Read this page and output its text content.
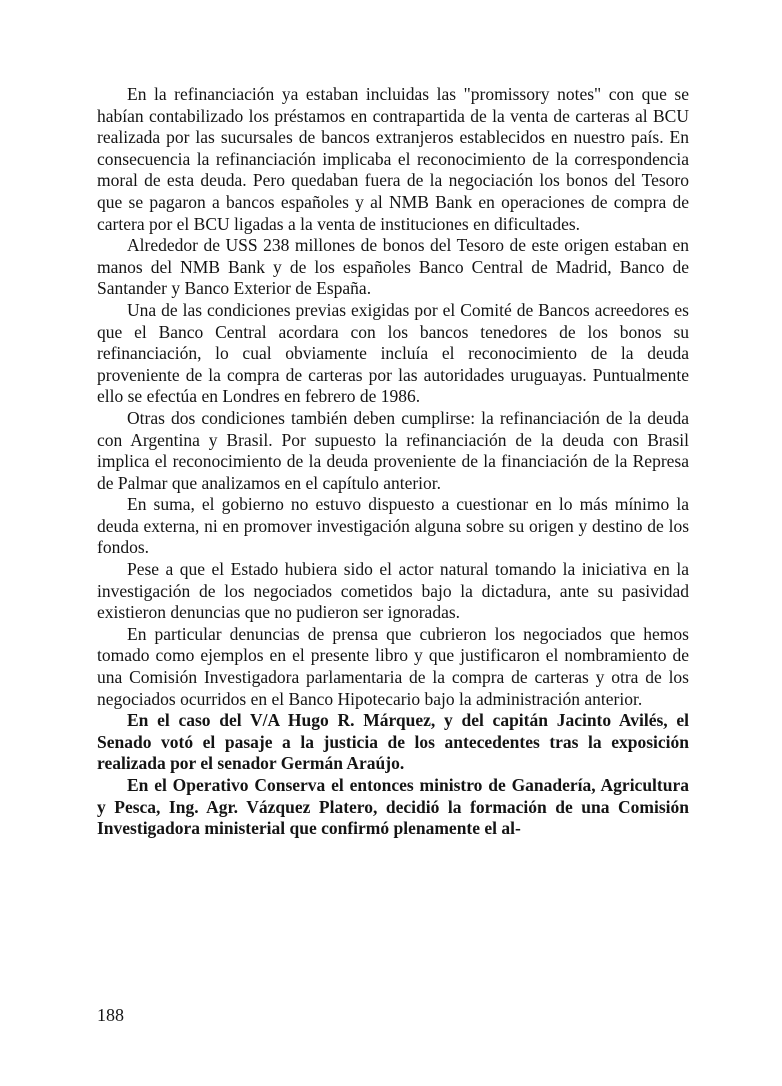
En la refinanciación ya estaban incluidas las "promissory notes" con que se habían contabilizado los préstamos en contrapartida de la venta de carteras al BCU realizada por las sucursales de bancos extranjeros establecidos en nuestro país. En consecuencia la refinanciación implicaba el reconocimiento de la correspondencia moral de esta deuda. Pero quedaban fuera de la negociación los bonos del Tesoro que se pagaron a bancos españoles y al NMB Bank en operaciones de compra de cartera por el BCU ligadas a la venta de instituciones en dificultades.

Alrededor de USS 238 millones de bonos del Tesoro de este origen estaban en manos del NMB Bank y de los españoles Banco Central de Madrid, Banco de Santander y Banco Exterior de España.

Una de las condiciones previas exigidas por el Comité de Bancos acreedores es que el Banco Central acordara con los bancos tenedores de los bonos su refinanciación, lo cual obviamente incluía el reconocimiento de la deuda proveniente de la compra de carteras por las autoridades uruguayas. Puntualmente ello se efectúa en Londres en febrero de 1986.

Otras dos condiciones también deben cumplirse: la refinanciación de la deuda con Argentina y Brasil. Por supuesto la refinanciación de la deuda con Brasil implica el reconocimiento de la deuda proveniente de la financiación de la Represa de Palmar que analizamos en el capítulo anterior.

En suma, el gobierno no estuvo dispuesto a cuestionar en lo más mínimo la deuda externa, ni en promover investigación alguna sobre su origen y destino de los fondos.

Pese a que el Estado hubiera sido el actor natural tomando la iniciativa en la investigación de los negociados cometidos bajo la dictadura, ante su pasividad existieron denuncias que no pudieron ser ignoradas.

En particular denuncias de prensa que cubrieron los negociados que hemos tomado como ejemplos en el presente libro y que justificaron el nombramiento de una Comisión Investigadora parlamentaria de la compra de carteras y otra de los negociados ocurridos en el Banco Hipotecario bajo la administración anterior.

En el caso del V/A Hugo R. Márquez, y del capitán Jacinto Avilés, el Senado votó el pasaje a la justicia de los antecedentes tras la exposición realizada por el senador Germán Araújo.

En el Operativo Conserva el entonces ministro de Ganadería, Agricultura y Pesca, Ing. Agr. Vázquez Platero, decidió la formación de una Comisión Investigadora ministerial que confirmó plenamente el al-

188
